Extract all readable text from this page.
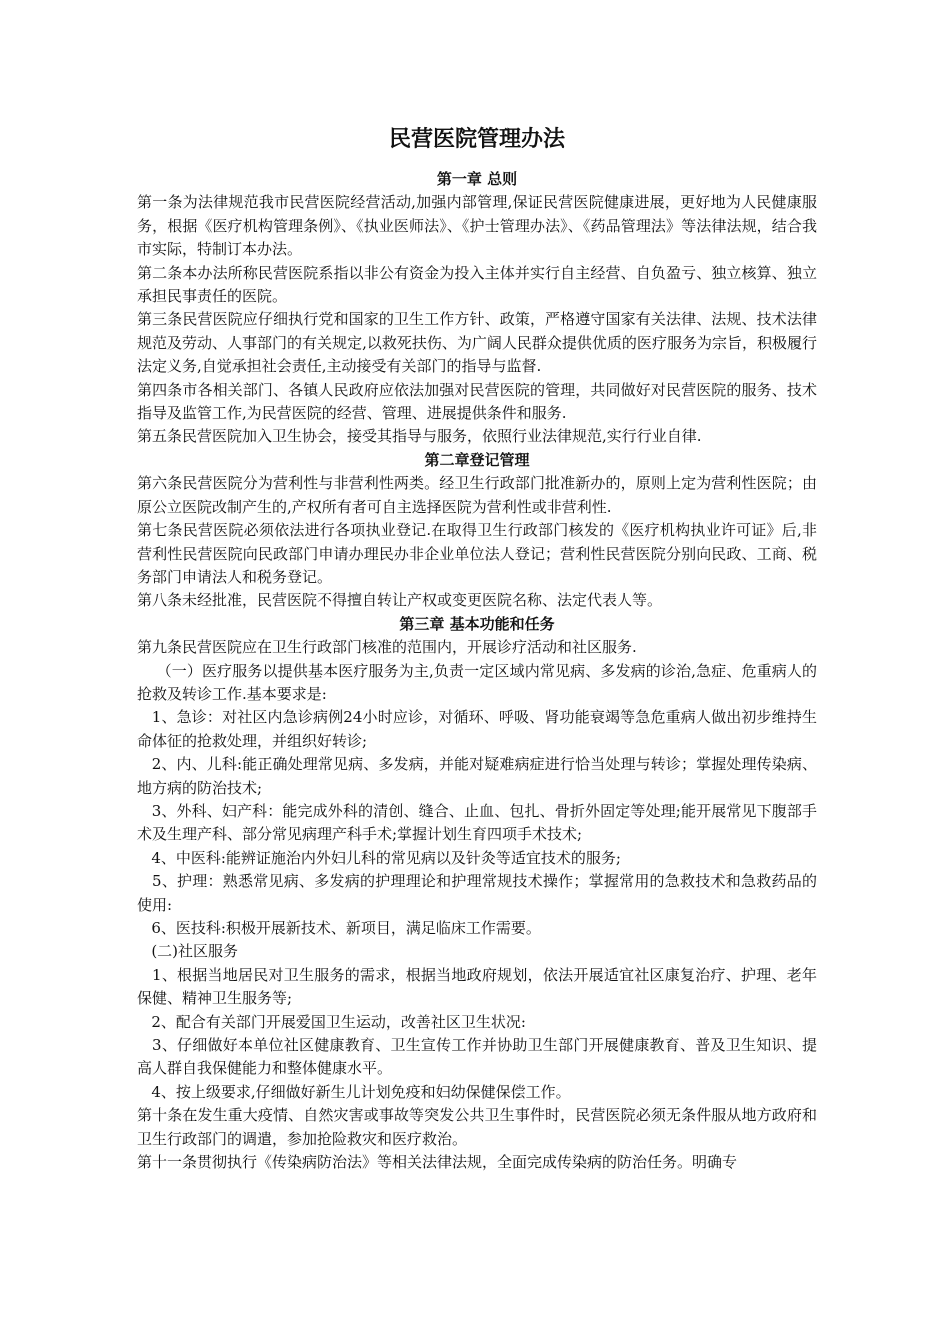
民营医院管理办法
第一章 总则

第一条为法律规范我市民营医院经营活动,加强内部管理,保证民营医院健康进展，更好地为人民健康服务，根据《医疗机构管理条例》、《执业医师法》、《护士管理办法》、《药品管理法》等法律法规，结合我市实际，特制订本办法。

第二条本办法所称民营医院系指以非公有资金为投入主体并实行自主经营、自负盈亏、独立核算、独立承担民事责任的医院。

第三条民营医院应仔细执行党和国家的卫生工作方针、政策，严格遵守国家有关法律、法规、技术法律规范及劳动、人事部门的有关规定,以救死扶伤、为广阔人民群众提供优质的医疗服务为宗旨，积极履行法定义务,自觉承担社会责任,主动接受有关部门的指导与监督.

第四条市各相关部门、各镇人民政府应依法加强对民营医院的管理，共同做好对民营医院的服务、技术指导及监管工作,为民营医院的经营、管理、进展提供条件和服务.

第五条民营医院加入卫生协会，接受其指导与服务，依照行业法律规范,实行行业自律.

第二章登记管理

第六条民营医院分为营利性与非营利性两类。经卫生行政部门批准新办的，原则上定为营利性医院；由原公立医院改制产生的,产权所有者可自主选择医院为营利性或非营利性.

第七条民营医院必须依法进行各项执业登记.在取得卫生行政部门核发的《医疗机构执业许可证》后,非营利性民营医院向民政部门申请办理民办非企业单位法人登记；营利性民营医院分别向民政、工商、税务部门申请法人和税务登记。

第八条未经批准，民营医院不得擅自转让产权或变更医院名称、法定代表人等。

第三章 基本功能和任务

第九条民营医院应在卫生行政部门核准的范围内，开展诊疗活动和社区服务.

（一）医疗服务以提供基本医疗服务为主,负责一定区域内常见病、多发病的诊治,急症、危重病人的抢救及转诊工作.基本要求是:

1、急诊：对社区内急诊病例24小时应诊，对循环、呼吸、肾功能衰竭等急危重病人做出初步维持生命体征的抢救处理，并组织好转诊;

2、内、儿科:能正确处理常见病、多发病，并能对疑难病症进行恰当处理与转诊；掌握处理传染病、地方病的防治技术;

3、外科、妇产科：能完成外科的清创、缝合、止血、包扎、骨折外固定等处理;能开展常见下腹部手术及生理产科、部分常见病理产科手术;掌握计划生育四项手术技术;

4、中医科:能辨证施治内外妇儿科的常见病以及针灸等适宜技术的服务;

5、护理：熟悉常见病、多发病的护理理论和护理常规技术操作；掌握常用的急救技术和急救药品的使用:

6、医技科:积极开展新技术、新项目，满足临床工作需要。

(二)社区服务

1、根据当地居民对卫生服务的需求，根据当地政府规划，依法开展适宜社区康复治疗、护理、老年保健、精神卫生服务等;

2、配合有关部门开展爱国卫生运动，改善社区卫生状况:

3、仔细做好本单位社区健康教育、卫生宣传工作并协助卫生部门开展健康教育、普及卫生知识、提高人群自我保健能力和整体健康水平。

4、按上级要求,仔细做好新生儿计划免疫和妇幼保健保偿工作。

第十条在发生重大疫情、自然灾害或事故等突发公共卫生事件时，民营医院必须无条件服从地方政府和卫生行政部门的调遣，参加抢险救灾和医疗救治。

第十一条贯彻执行《传染病防治法》等相关法律法规，全面完成传染病的防治任务。明确专
